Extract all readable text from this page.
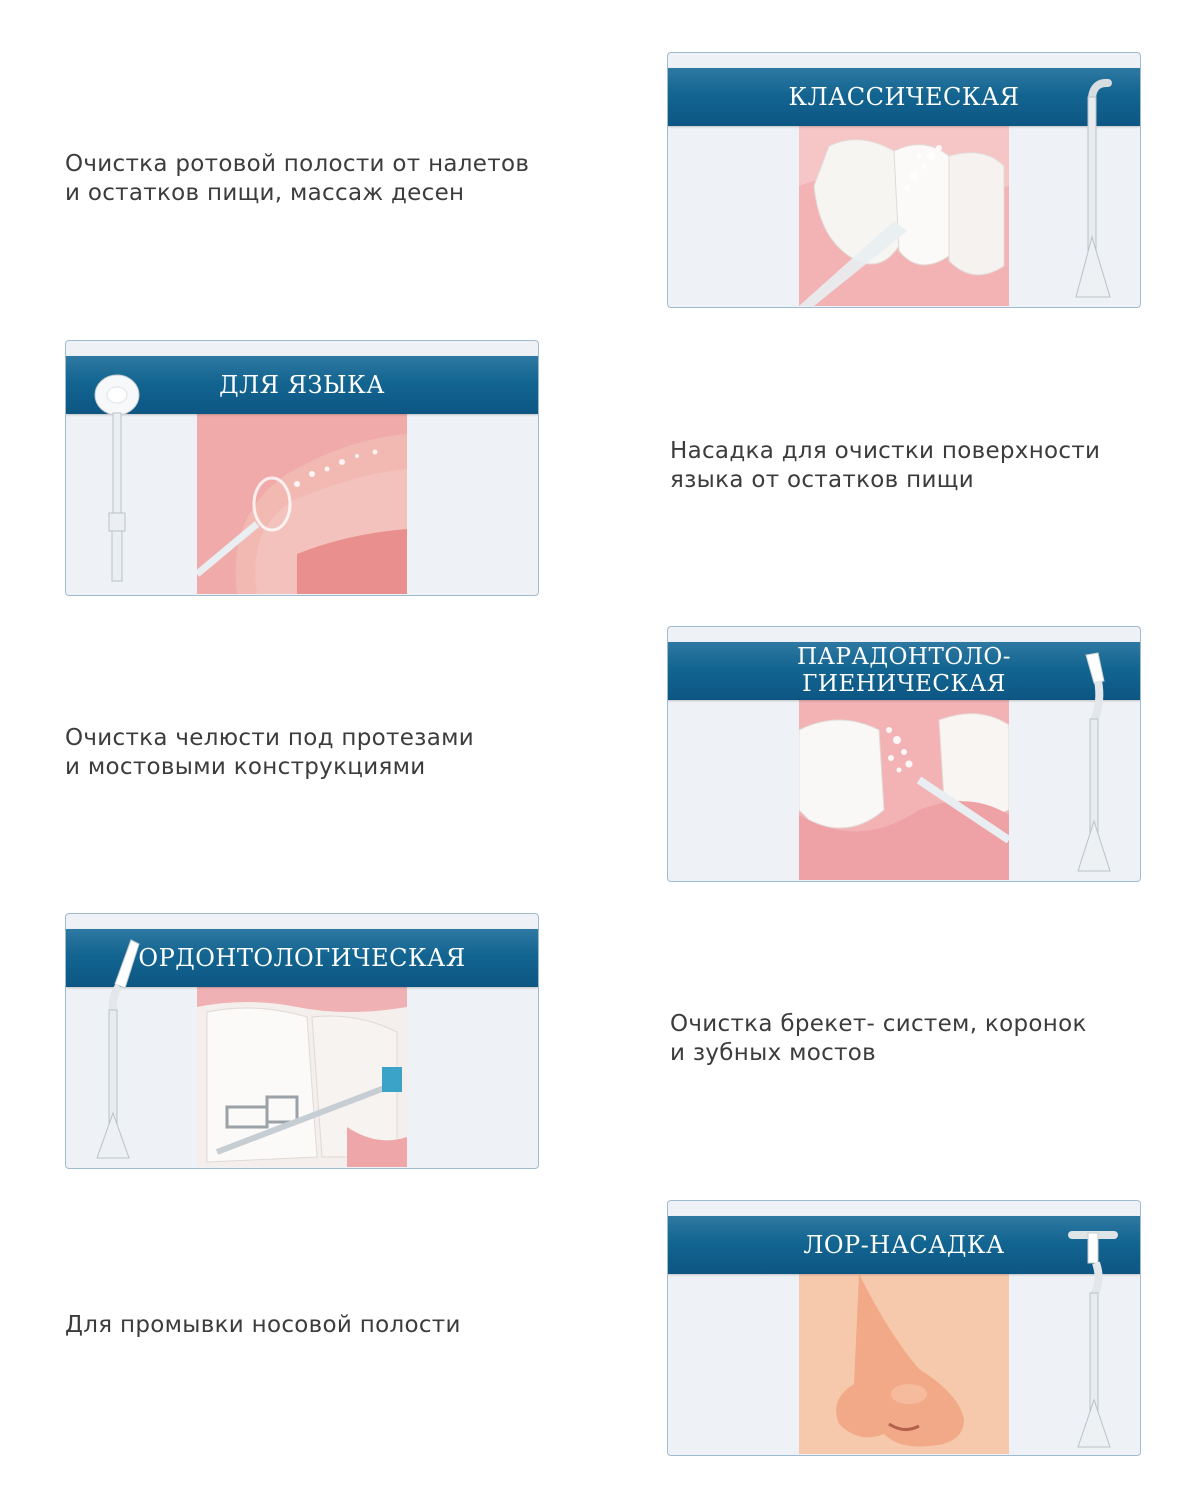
Очистка ротовой полости от налетов
и остатков пищи, массаж десен
КЛАССИЧЕСКАЯ
ДЛЯ ЯЗЫКА
Насадка для очистки поверхности
языка от остатков пищи
Очистка челюсти под протезами
и мостовыми конструкциями
ПАРАДОНТОЛО-
ГИЕНИЧЕСКАЯ
ОРДОНТОЛОГИЧЕСКАЯ
Очистка брекет- систем, коронок
и зубных мостов
Для промывки носовой полости
ЛОР-НАСАДКА
